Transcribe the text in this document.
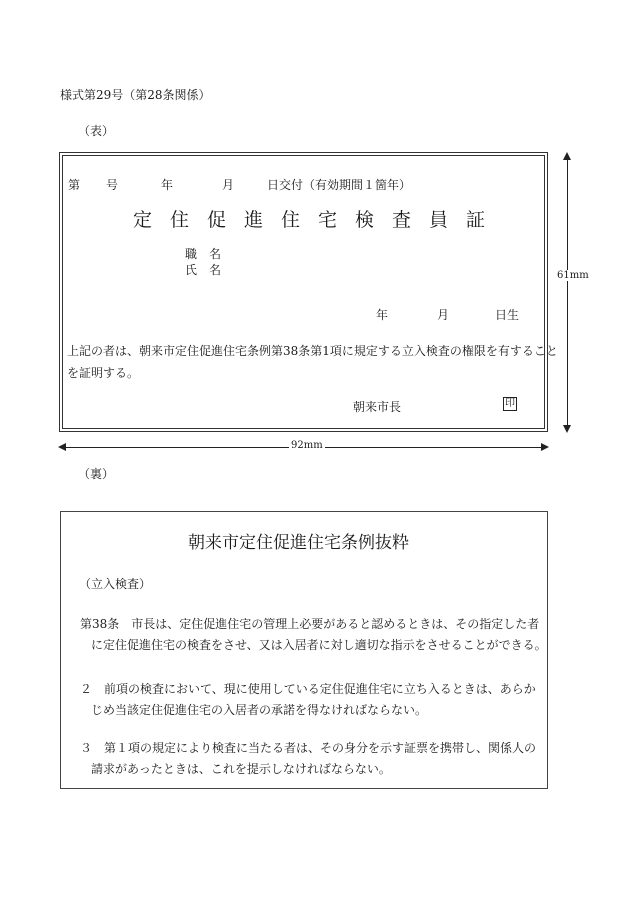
様式第29号（第28条関係）
（表）
第 号	年	月	日交付（有効期間１箇年）
定住促進住宅検査員証
職　名
氏　名
年	月	日生
上記の者は、朝来市定住促進住宅条例第38条第1項に規定する立入検査の権限を有すること
を証明する。
朝来市長	印
61mm
92mm
（裏）
朝来市定住促進住宅条例抜粋
（立入検査）
第38条　市長は、定住促進住宅の管理上必要があると認めるときは、その指定した者
に定住促進住宅の検査をさせ、又は入居者に対し適切な指示をさせることができる。
２　前項の検査において、現に使用している定住促進住宅に立ち入るときは、あらか
じめ当該定住促進住宅の入居者の承諾を得なければならない。
３　第１項の規定により検査に当たる者は、その身分を示す証票を携帯し、関係人の
請求があったときは、これを提示しなければならない。
